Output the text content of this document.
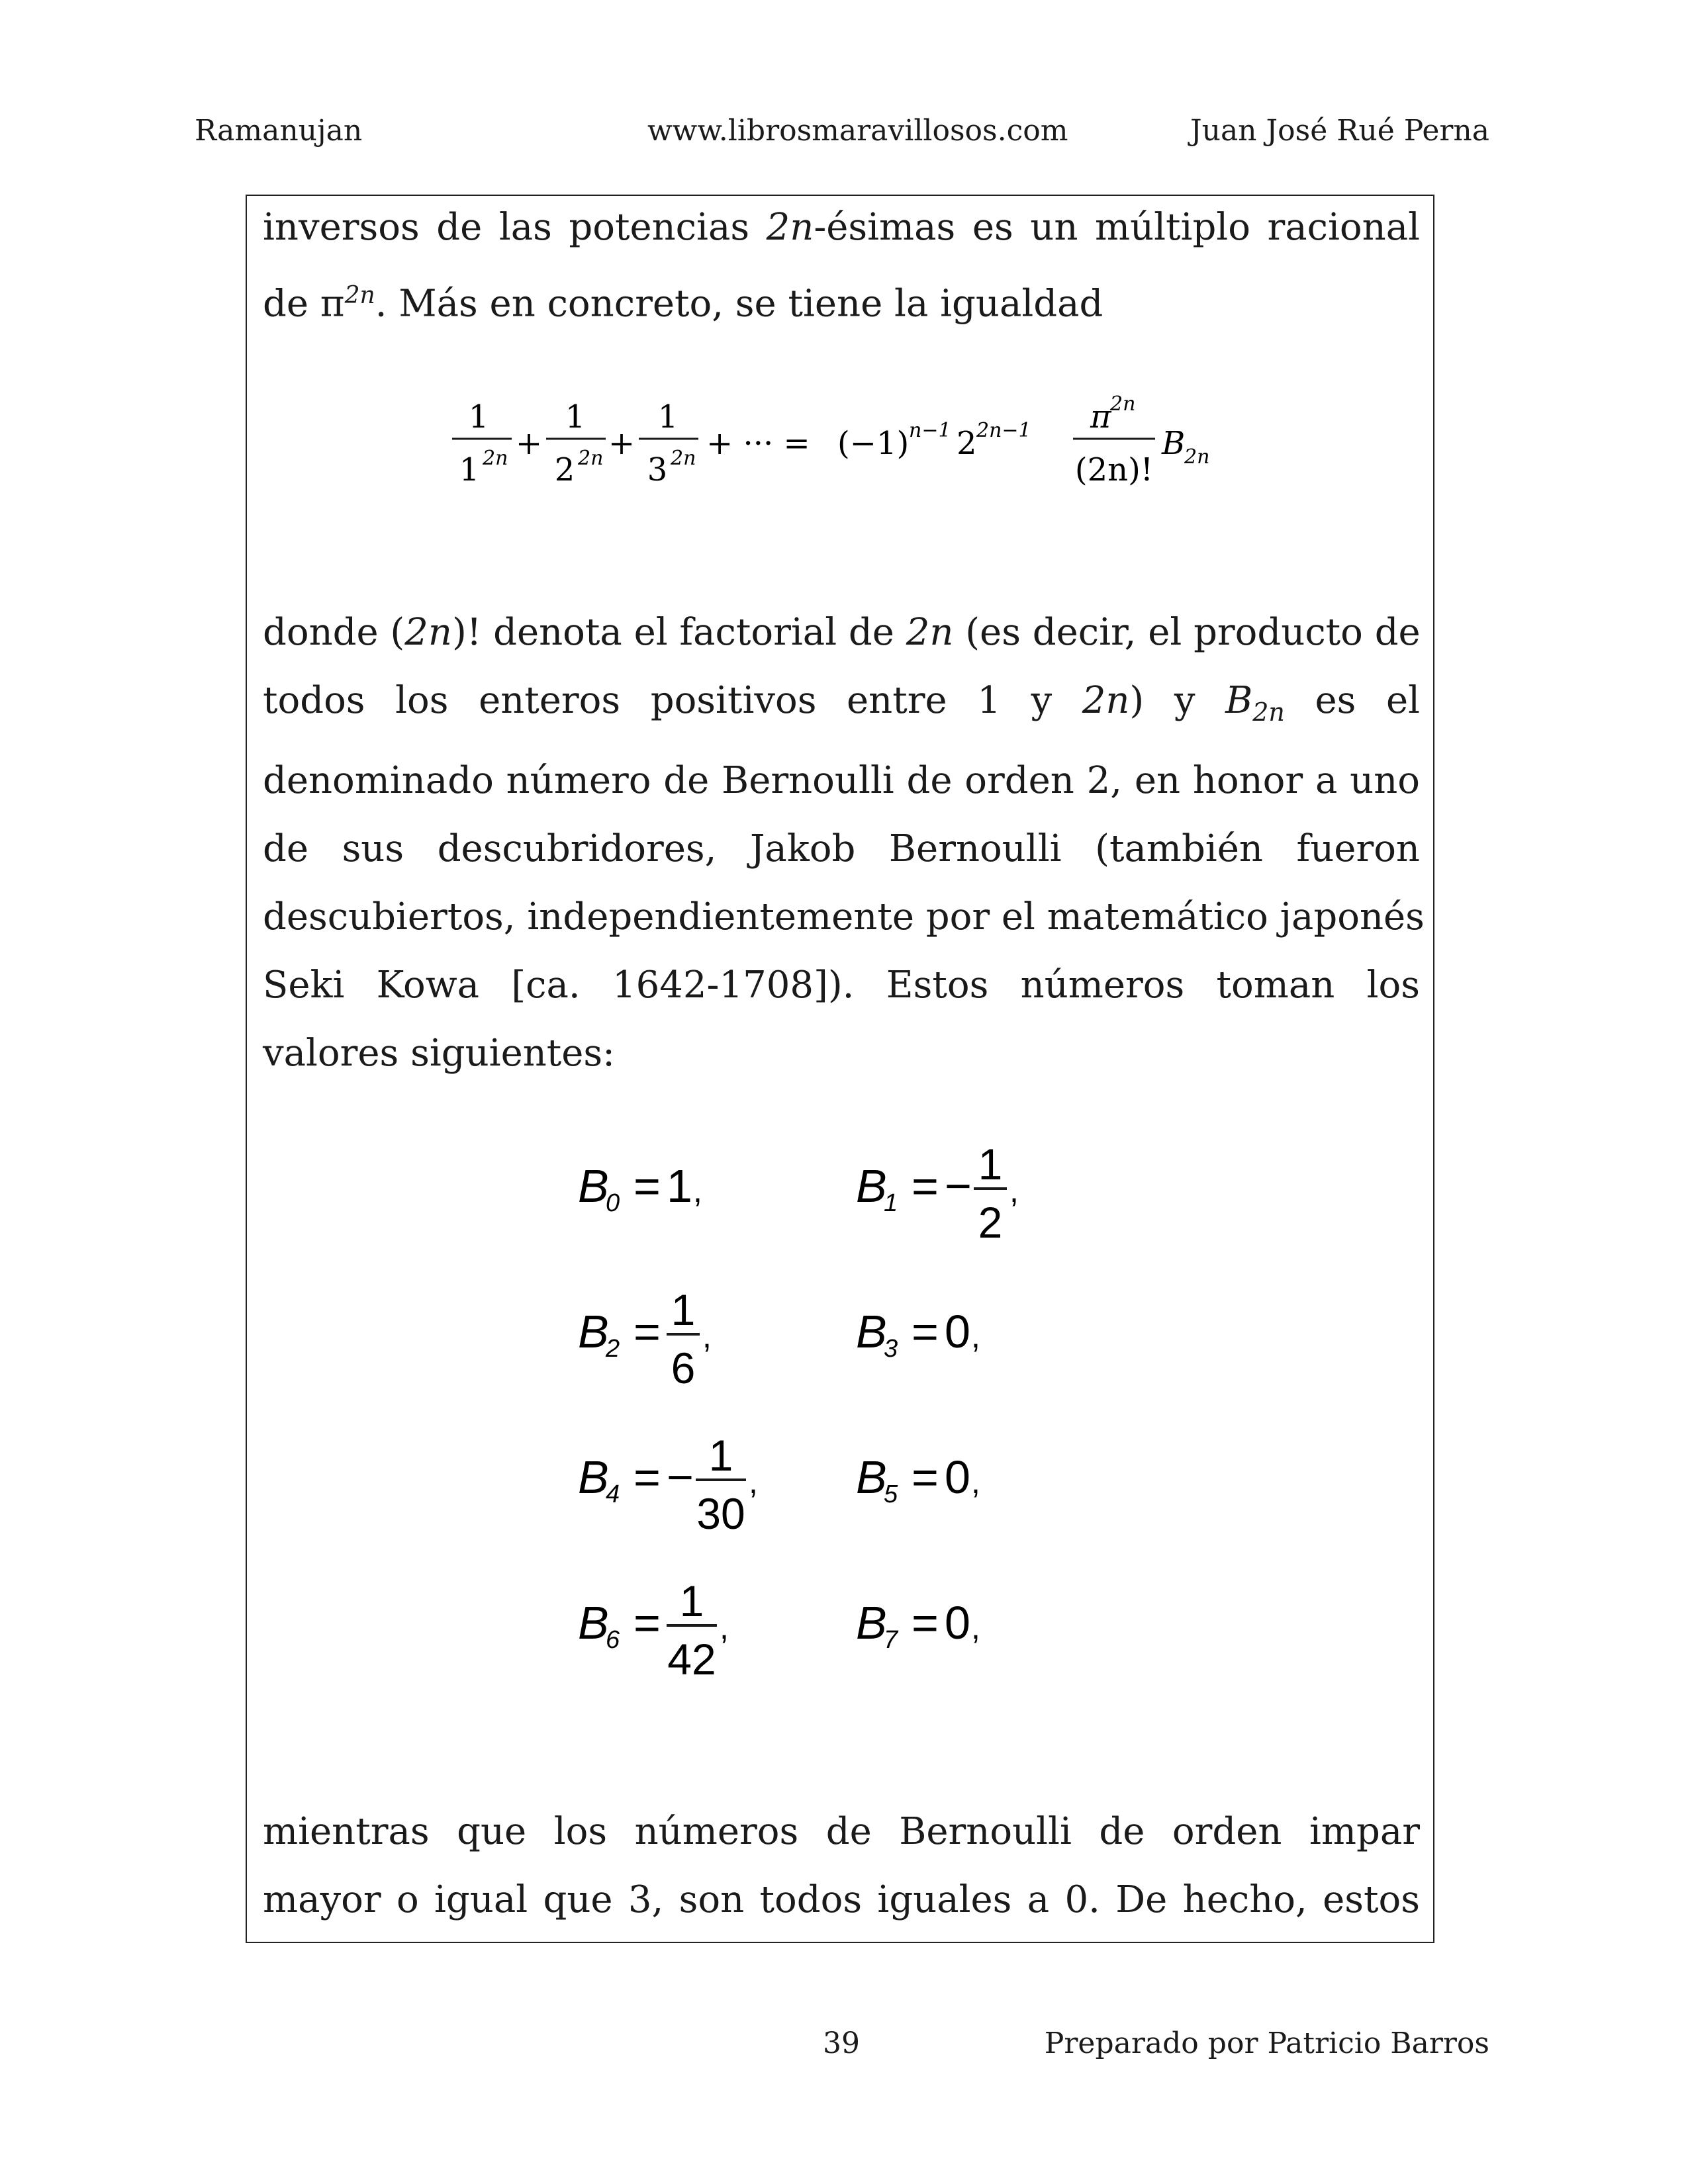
Ramanujan	www.librosmaravillosos.com	Juan José Rué Perna
inversos de las potencias 2n-ésimas es un múltiplo racional
de $\pi^{2n}$. Más en concreto, se tiene la igualdad
1
1 2n +
1
2 2n +
1
3 2n + ··· = (−1) n−1 2 2n−1 π
2n
(2n)!
B
2n
donde (2n)! denota el factorial de 2n (es decir, el producto de
todos los enteros positivos entre 1 y 2n) y $B_{2n}$ es el
denominado número de Bernoulli de orden 2, en honor a uno
de sus descubridores, Jakob Bernoulli (también fueron
descubiertos, independientemente por el matemático japonés
Seki Kowa [ca. 1642-1708]). Estos números toman los
valores siguientes:
B
0 = 1 ,	B
1 = − 1
2
,
B
2 = 1
6
,	B
3 = 0 ,
B
4 = − 1
30
, B
5 = 0 ,
B
6 = 1
42
,	B
7 = 0 ,
mientras que los números de Bernoulli de orden impar
mayor o igual que 3, son todos iguales a 0. De hecho, estos
39	Preparado por Patricio Barros
